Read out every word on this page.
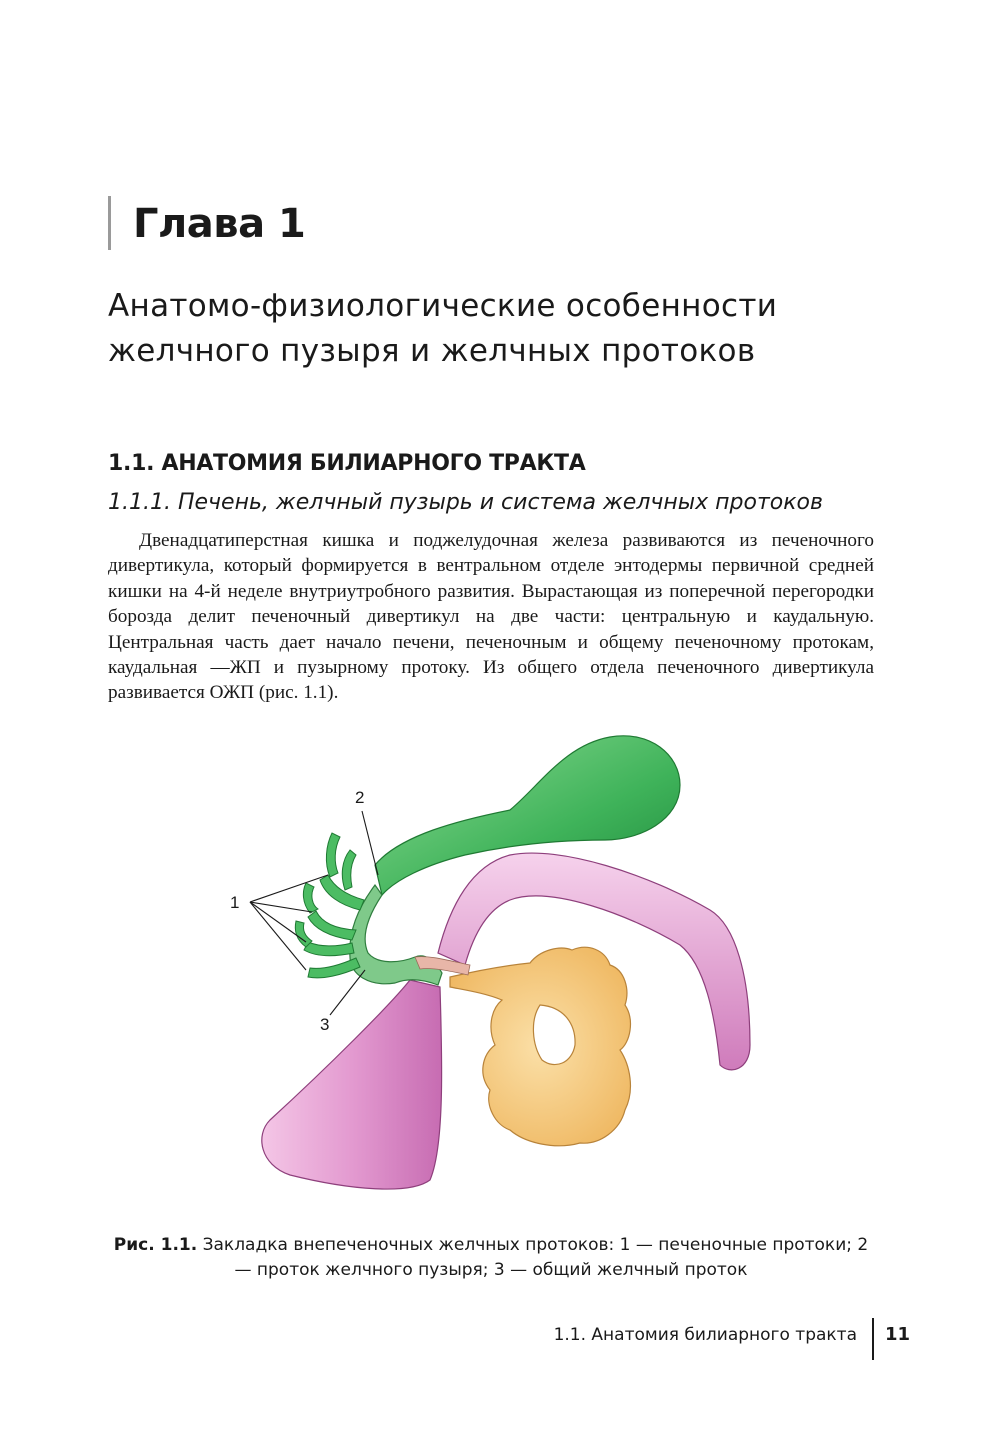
Глава 1
Анатомо-физиологические особенности
желчного пузыря и желчных протоков
1.1. АНАТОМИЯ БИЛИАРНОГО ТРАКТА
1.1.1. Печень, желчный пузырь и система желчных протоков

Двенадцатиперстная кишка и поджелудочная железа развиваются из печеночного дивертикула, который формируется в вентральном отделе энтодермы первичной средней кишки на 4-й неделе внутриутробного развития. Вырастающая из поперечной перегородки борозда делит печеночный дивертикул на две части: центральную и каудальную. Центральная часть дает начало печени, печеночным и общему печеночному протокам, каудальная —ЖП и пузырному протоку. Из общего отдела печеночного дивертикула развивается ОЖП (рис. 1.1).

1
2
3

Рис. 1.1. Закладка внепеченочных желчных протоков: 1 — печеночные протоки; 2 — проток желчного пузыря; 3 — общий желчный проток

1.1. Анатомия билиарного тракта 11
